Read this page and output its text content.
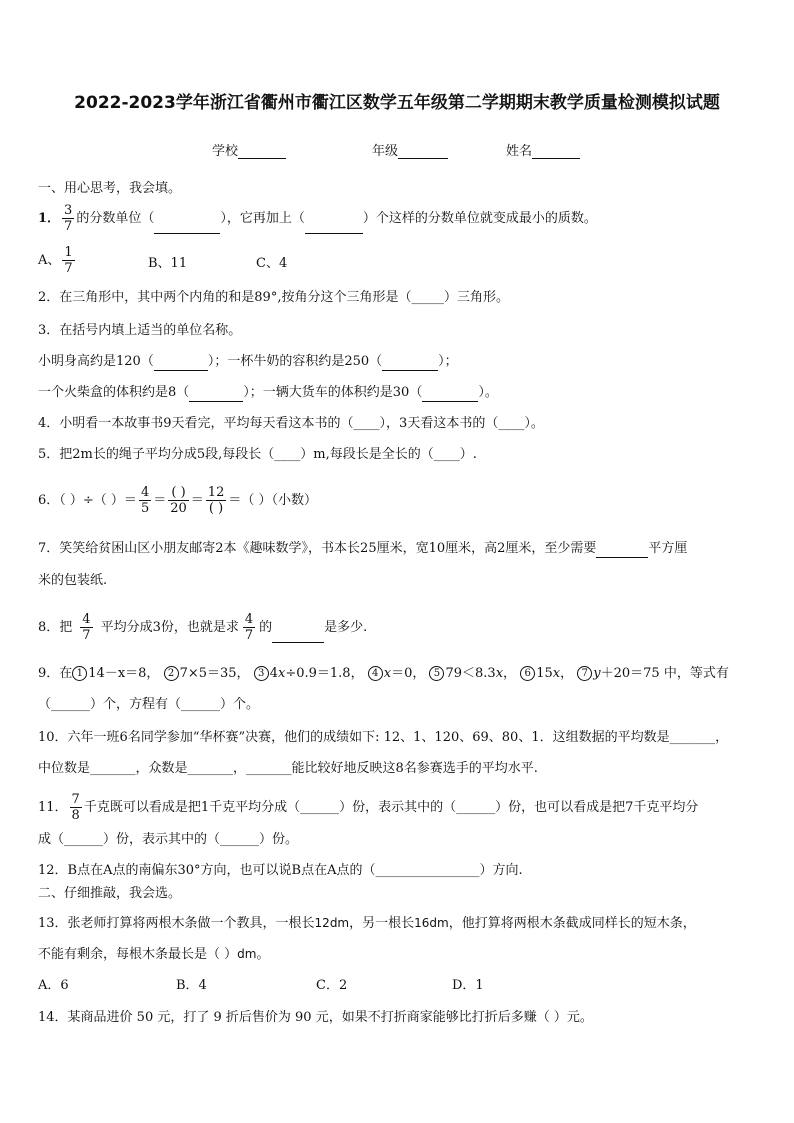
2022-2023学年浙江省衢州市衢江区数学五年级第二学期期末教学质量检测模拟试题
学校	年级	姓名
一、用心思考，我会填。
1． $\frac{3}{7}$ 的分数单位（	），它再加上（	）个这样的分数单位就变成最小的质数。
A、 $\frac{1}{7}$	B、11	C、4
2．在三角形中，其中两个内角的和是89°,按角分这个三角形是（_____）三角形。
3．在括号内填上适当的单位名称。
小明身高约是120（	）；一杯牛奶的容积约是250（	）；
一个火柴盒的体积约是8（	）；一辆大货车的体积约是30（	）。
4．小明看一本故事书9天看完，平均每天看这本书的（____），3天看这本书的（____）。
5．把2m长的绳子平均分成5段,每段长（____）m,每段长是全长的（____）.
6．（ ）÷（ ）＝ $\frac{4}{5} = \frac{( )}{20} = \frac{12}{( )}$ ＝（ ）（小数）
7．笑笑给贫困山区小朋友邮寄2本《趣味数学》，书本长25厘米，宽10厘米，高2厘米，至少需要	平方厘
米的包装纸.
8．把 $\frac{4}{7}$ 平均分成3份，也就是求 $\frac{4}{7}$ 的	是多少.
9．在 1 14－x＝8， 2 7×5＝35， 3 4x÷0.9＝1.8， 4 x＝0， 5 79＜8.3x， 6 15x， 7 y＋20＝75 中，等式有
（______）个，方程有（______）个。
10．六年一班6名同学参加“华杯赛”决赛，他们的成绩如下: 12、1、120、69、80、1．这组数据的平均数是_______，
中位数是_______，众数是_______，_______能比较好地反映这8名参赛选手的平均水平.
11． $\frac{7}{8}$ 千克既可以看成是把1千克平均分成（______）份，表示其中的（______）份，也可以看成是把7千克平均分
成（______）份，表示其中的（______）份。
12．B点在A点的南偏东30°方向，也可以说B点在A点的（________________）方向.
二、仔细推敲，我会选。
13．张老师打算将两根木条做一个教具，一根长12dm，另一根长16dm，他打算将两根木条截成同样长的短木条，
不能有剩余，每根木条最长是（ ）dm。
A．6	B．4	C．2	D．1
14．某商品进价 50 元，打了 9 折后售价为 90 元，如果不打折商家能够比打折后多赚（ ）元。
